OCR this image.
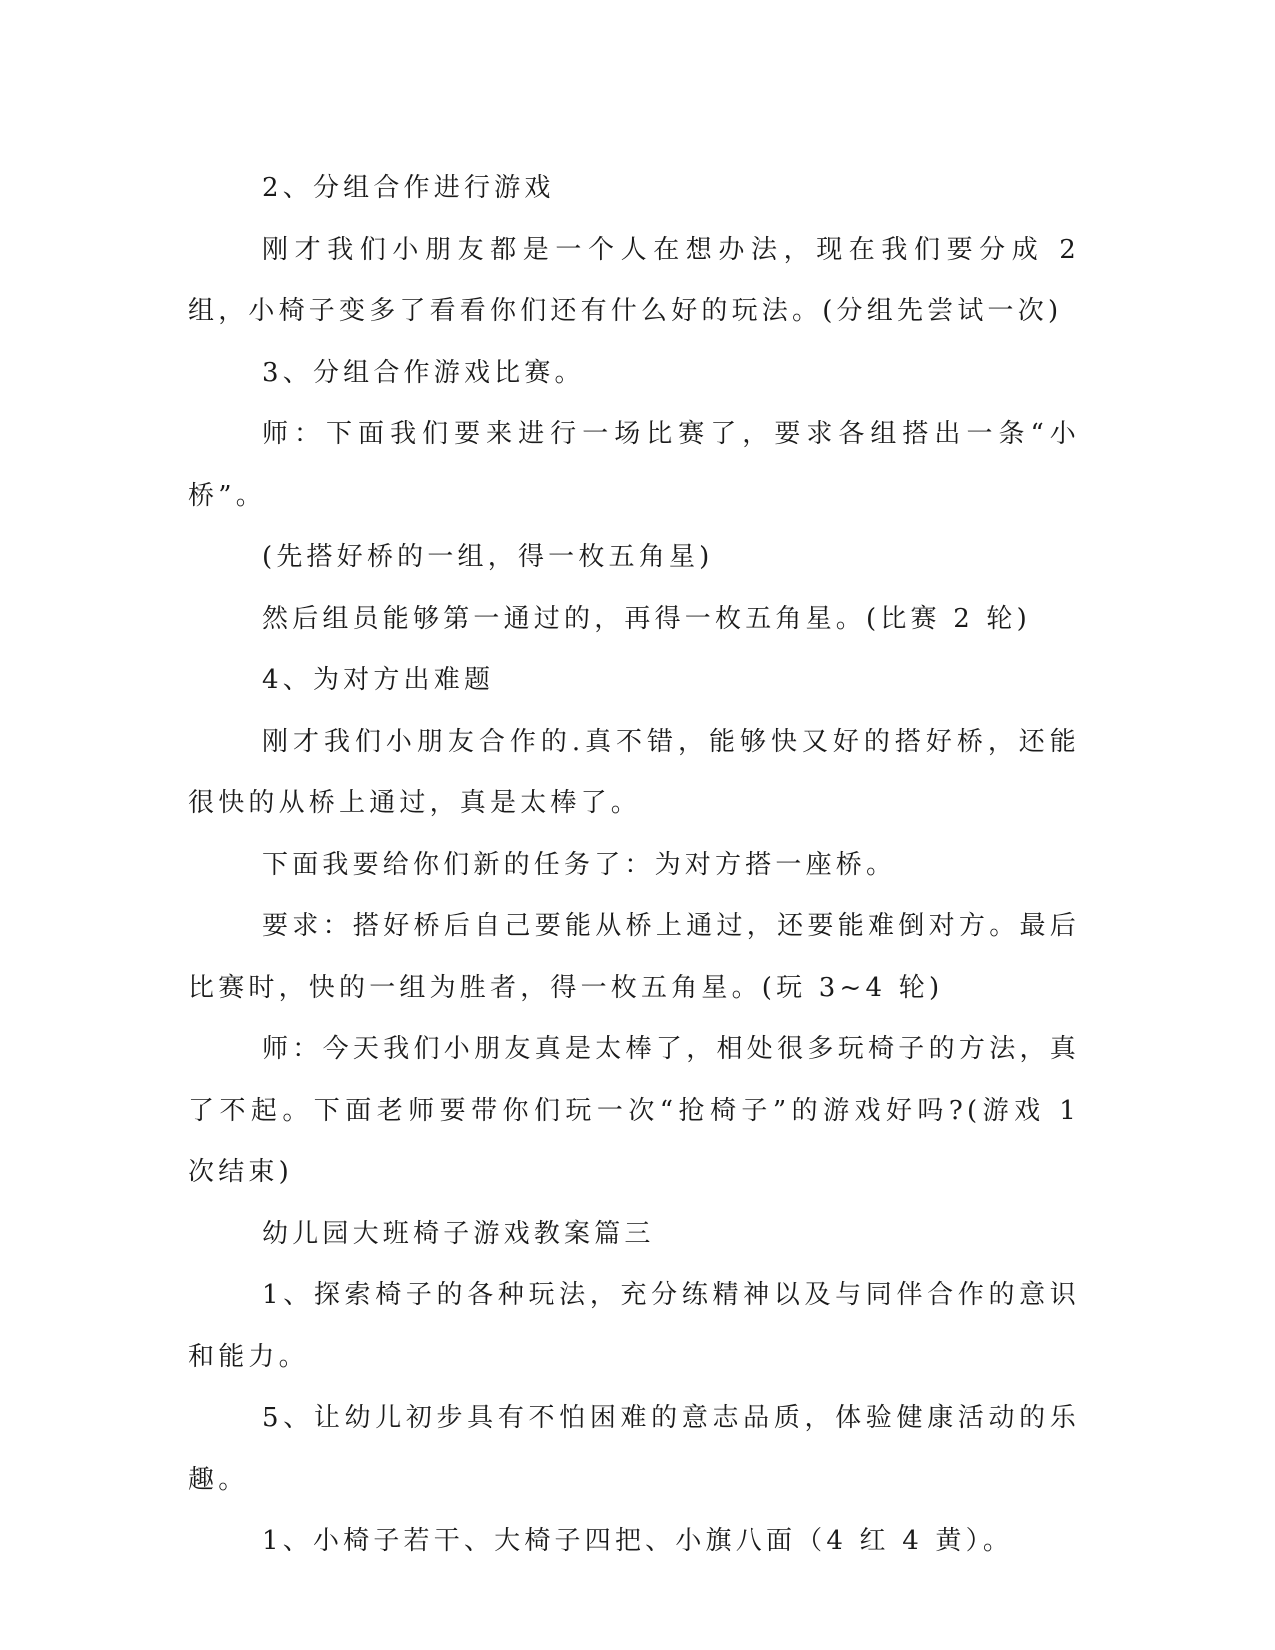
2、分组合作进行游戏

刚才我们小朋友都是一个人在想办法，现在我们要分成 2 组，小椅子变多了看看你们还有什么好的玩法。(分组先尝试一次)

3、分组合作游戏比赛。

师：下面我们要来进行一场比赛了，要求各组搭出一条“小桥”。

(先搭好桥的一组，得一枚五角星)

然后组员能够第一通过的，再得一枚五角星。(比赛 2 轮)

4、为对方出难题

刚才我们小朋友合作的.真不错，能够快又好的搭好桥，还能很快的从桥上通过，真是太棒了。

下面我要给你们新的任务了：为对方搭一座桥。

要求：搭好桥后自己要能从桥上通过，还要能难倒对方。最后比赛时，快的一组为胜者，得一枚五角星。(玩 3~4 轮)

师：今天我们小朋友真是太棒了，相处很多玩椅子的方法，真了不起。下面老师要带你们玩一次“抢椅子”的游戏好吗?(游戏 1 次结束)

幼儿园大班椅子游戏教案篇三

1、探索椅子的各种玩法，充分练精神以及与同伴合作的意识和能力。

5、让幼儿初步具有不怕困难的意志品质，体验健康活动的乐趣。

1、小椅子若干、大椅子四把、小旗八面（4 红 4 黄）。
